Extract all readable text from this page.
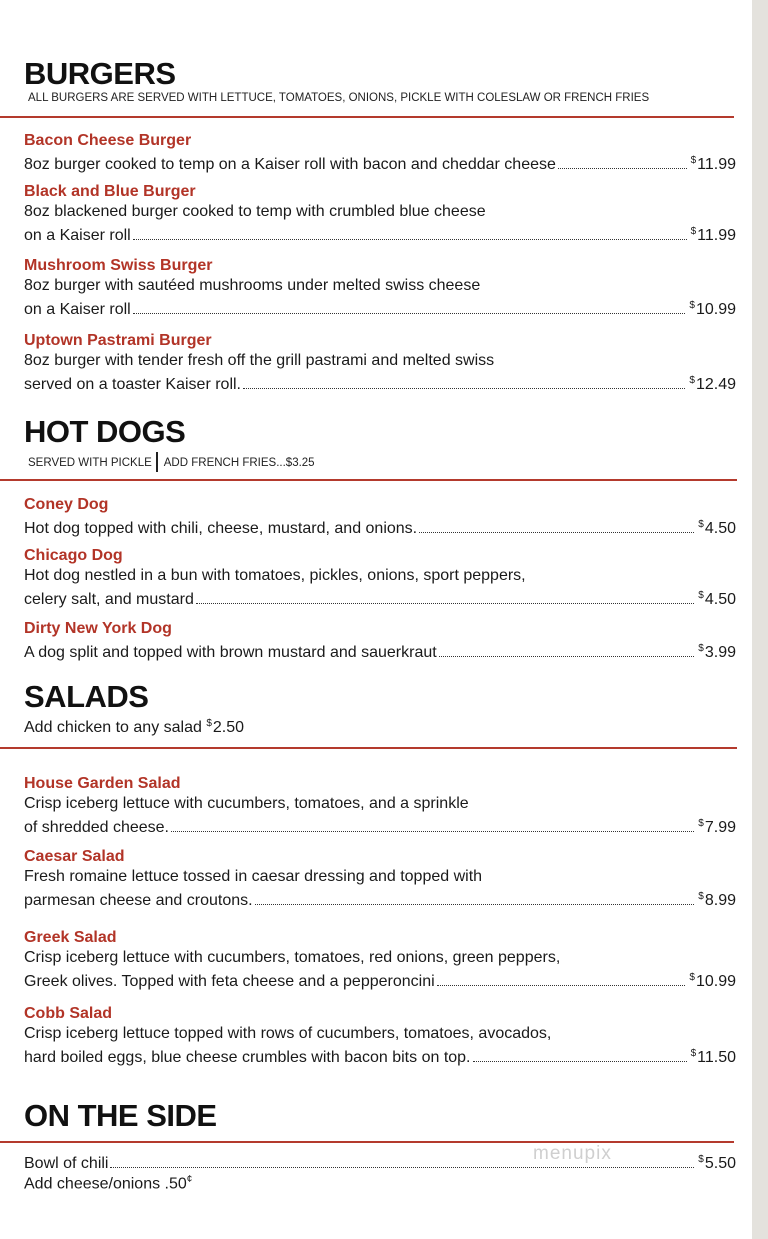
BURGERS
ALL BURGERS ARE SERVED WITH LETTUCE, TOMATOES, ONIONS, PICKLE WITH COLESLAW OR FRENCH FRIES
Bacon Cheese Burger
8oz burger cooked to temp on a Kaiser roll with bacon and cheddar cheese	$11.99
Black and Blue Burger
8oz blackened burger cooked to temp with crumbled blue cheese
on a Kaiser roll	$11.99
Mushroom Swiss Burger
8oz burger with sautéed mushrooms under melted swiss cheese
on a Kaiser roll	$10.99
Uptown Pastrami Burger
8oz burger with tender fresh off the grill pastrami and melted swiss
served on a toaster Kaiser roll.	$12.49
HOT DOGS
SERVED WITH PICKLE ADD FRENCH FRIES...$3.25
Coney Dog
Hot dog topped with chili, cheese, mustard, and onions.	$4.50
Chicago Dog
Hot dog nestled in a bun with tomatoes, pickles, onions, sport peppers,
celery salt, and mustard	$4.50
Dirty New York Dog
A dog split and topped with brown mustard and sauerkraut	$3.99
SALADS
Add chicken to any salad $2.50
House Garden Salad
Crisp iceberg lettuce with cucumbers, tomatoes, and a sprinkle
of shredded cheese.	$7.99
Caesar Salad
Fresh romaine lettuce tossed in caesar dressing and topped with
parmesan cheese and croutons.	$8.99
Greek Salad
Crisp iceberg lettuce with cucumbers, tomatoes, red onions, green peppers,
Greek olives. Topped with feta cheese and a pepperoncini	$10.99
Cobb Salad
Crisp iceberg lettuce topped with rows of cucumbers, tomatoes, avocados,
hard boiled eggs, blue cheese crumbles with bacon bits on top.	$11.50
ON THE SIDE
Bowl of chili	$5.50
Add cheese/onions .50¢
menupix
